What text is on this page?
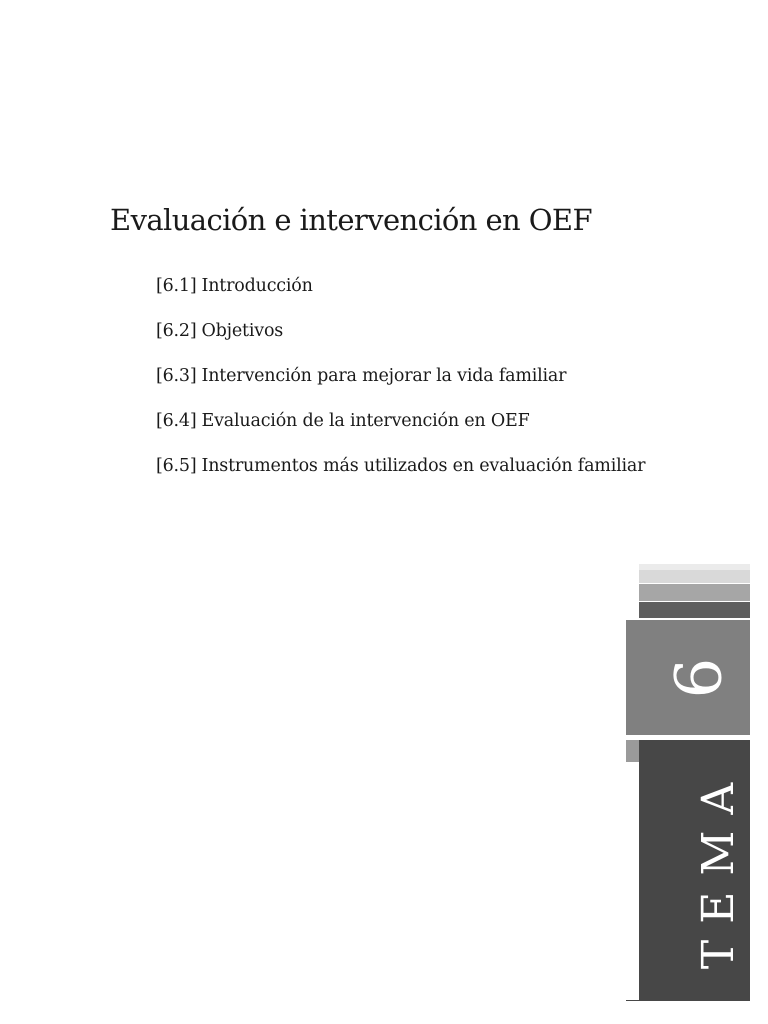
Evaluación e intervención en OEF
[6.1] Introducción
[6.2] Objetivos
[6.3] Intervención para mejorar la vida familiar
[6.4] Evaluación de la intervención en OEF
[6.5] Instrumentos más utilizados en evaluación familiar
6
TEMA
